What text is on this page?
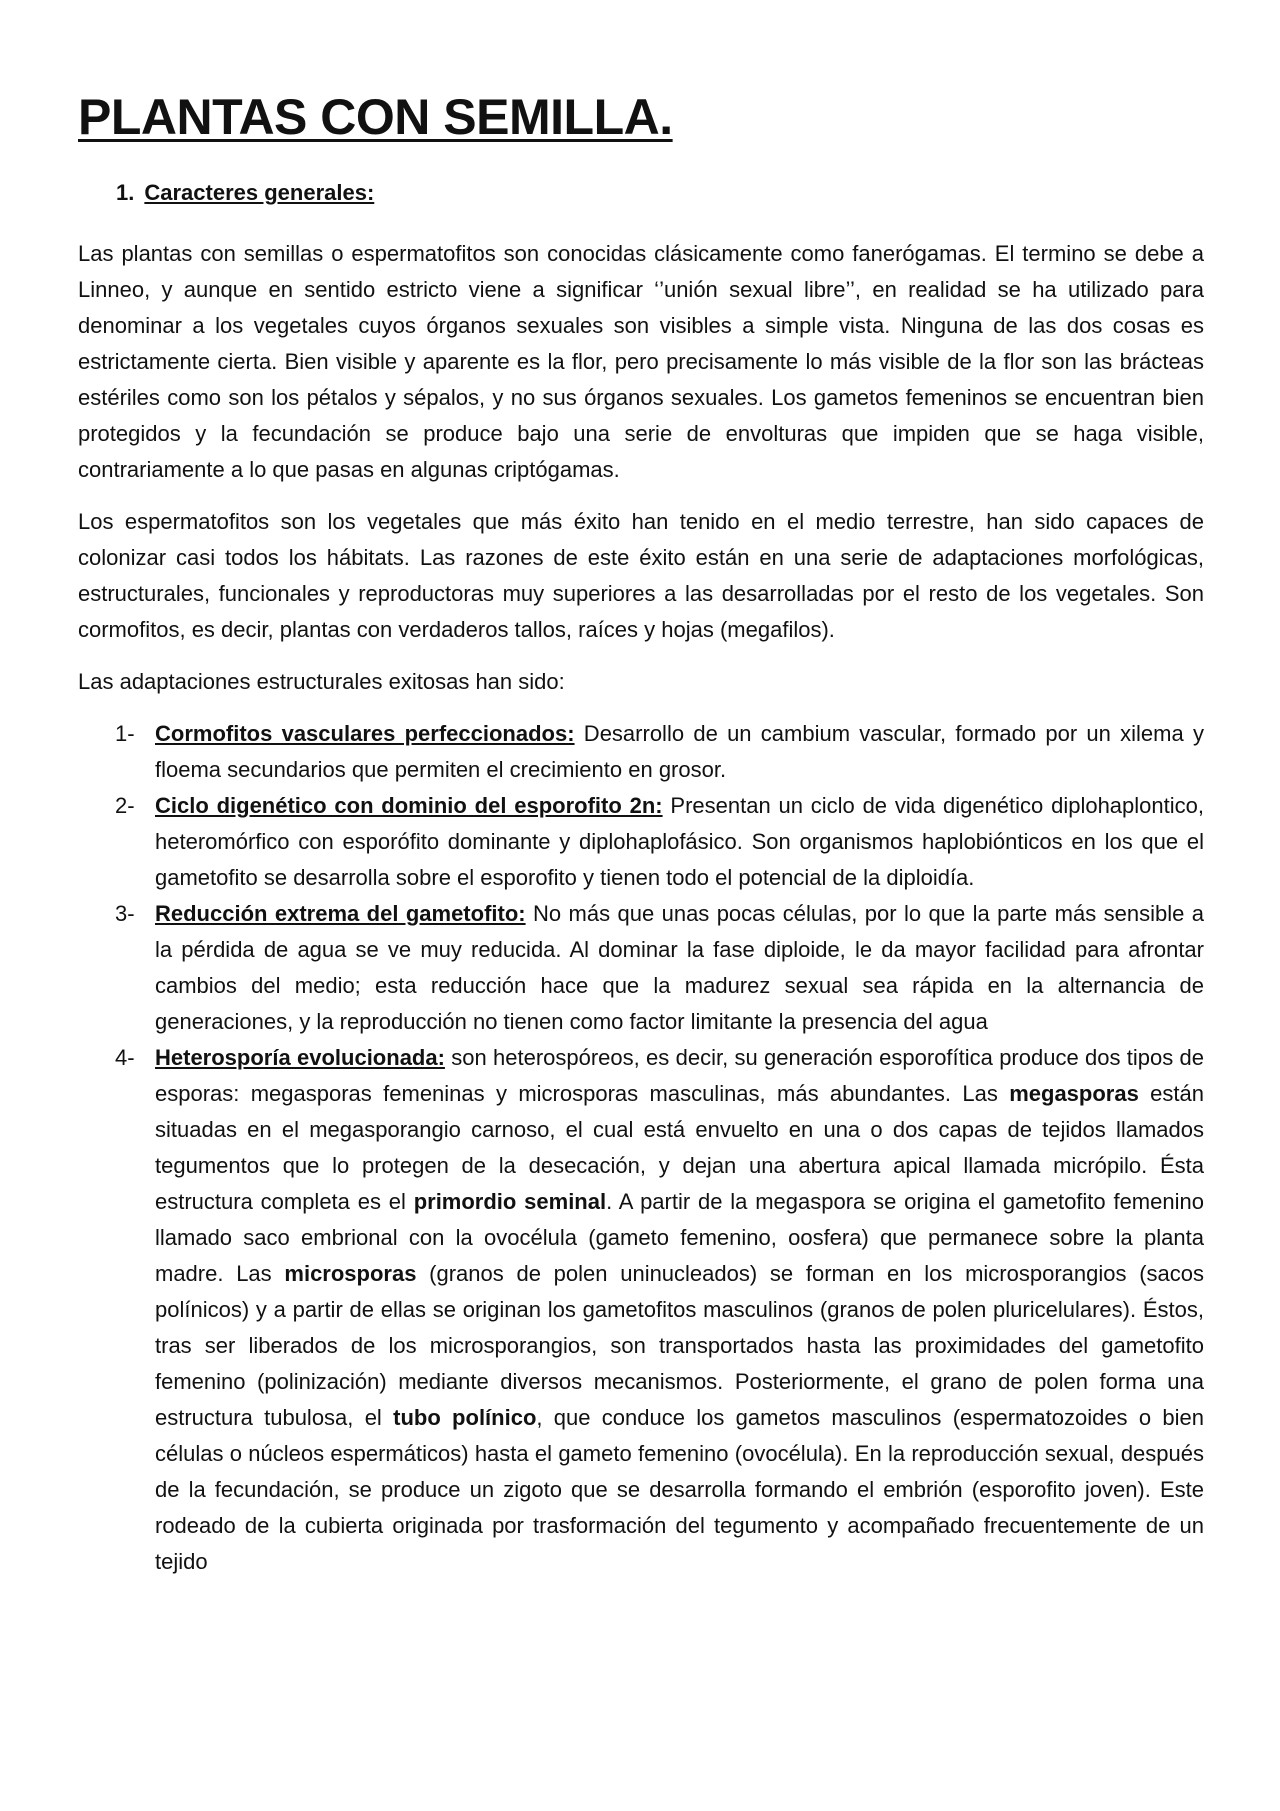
PLANTAS CON SEMILLA.
1. Caracteres generales:

Las plantas con semillas o espermatofitos son conocidas clásicamente como fanerógamas. El termino se debe a Linneo, y aunque en sentido estricto viene a significar ‘’unión sexual libre’’, en realidad se ha utilizado para denominar a los vegetales cuyos órganos sexuales son visibles a simple vista. Ninguna de las dos cosas es estrictamente cierta. Bien visible y aparente es la flor, pero precisamente lo más visible de la flor son las brácteas estériles como son los pétalos y sépalos, y no sus órganos sexuales. Los gametos femeninos se encuentran bien protegidos y la fecundación se produce bajo una serie de envolturas que impiden que se haga visible, contrariamente a lo que pasas en algunas criptógamas.

Los espermatofitos son los vegetales que más éxito han tenido en el medio terrestre, han sido capaces de colonizar casi todos los hábitats. Las razones de este éxito están en una serie de adaptaciones morfológicas, estructurales, funcionales y reproductoras muy superiores a las desarrolladas por el resto de los vegetales. Son cormofitos, es decir, plantas con verdaderos tallos, raíces y hojas (megafilos).

Las adaptaciones estructurales exitosas han sido:

1- Cormofitos vasculares perfeccionados: Desarrollo de un cambium vascular, formado por un xilema y floema secundarios que permiten el crecimiento en grosor.
2- Ciclo digenético con dominio del esporofito 2n: Presentan un ciclo de vida digenético diplohaplontico, heteromórfico con esporófito dominante y diplohaplofásico. Son organismos haplobiónticos en los que el gametofito se desarrolla sobre el esporofito y tienen todo el potencial de la diploidía.
3- Reducción extrema del gametofito: No más que unas pocas células, por lo que la parte más sensible a la pérdida de agua se ve muy reducida. Al dominar la fase diploide, le da mayor facilidad para afrontar cambios del medio; esta reducción hace que la madurez sexual sea rápida en la alternancia de generaciones, y la reproducción no tienen como factor limitante la presencia del agua
4- Heterosporía evolucionada: son heterospóreos, es decir, su generación esporofítica produce dos tipos de esporas: megasporas femeninas y microsporas masculinas, más abundantes. Las megasporas están situadas en el megasporangio carnoso, el cual está envuelto en una o dos capas de tejidos llamados tegumentos que lo protegen de la desecación, y dejan una abertura apical llamada micrópilo. Ésta estructura completa es el primordio seminal. A partir de la megaspora se origina el gametofito femenino llamado saco embrional con la ovocélula (gameto femenino, oosfera) que permanece sobre la planta madre. Las microsporas (granos de polen uninucleados) se forman en los microsporangios (sacos polínicos) y a partir de ellas se originan los gametofitos masculinos (granos de polen pluricelulares). Éstos, tras ser liberados de los microsporangios, son transportados hasta las proximidades del gametofito femenino (polinización) mediante diversos mecanismos. Posteriormente, el grano de polen forma una estructura tubulosa, el tubo polínico, que conduce los gametos masculinos (espermatozoides o bien células o núcleos espermáticos) hasta el gameto femenino (ovocélula). En la reproducción sexual, después de la fecundación, se produce un zigoto que se desarrolla formando el embrión (esporofito joven). Este rodeado de la cubierta originada por trasformación del tegumento y acompañado frecuentemente de un tejido
